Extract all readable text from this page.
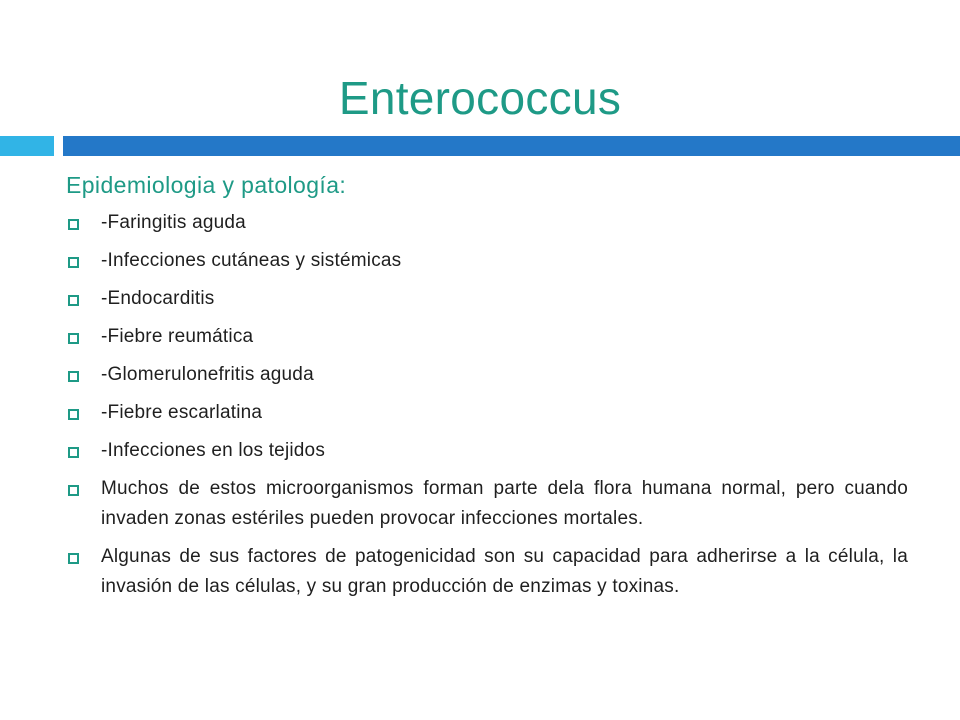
Enterococcus
Epidemiologia y patología:
-Faringitis aguda
-Infecciones cutáneas y sistémicas
-Endocarditis
-Fiebre reumática
-Glomerulonefritis aguda
-Fiebre escarlatina
-Infecciones en los tejidos
Muchos de estos microorganismos forman parte dela flora humana normal, pero cuando invaden zonas estériles pueden provocar infecciones mortales.
Algunas de sus factores de patogenicidad son su capacidad para adherirse a la célula, la invasión de las células, y su gran producción de enzimas y toxinas.
